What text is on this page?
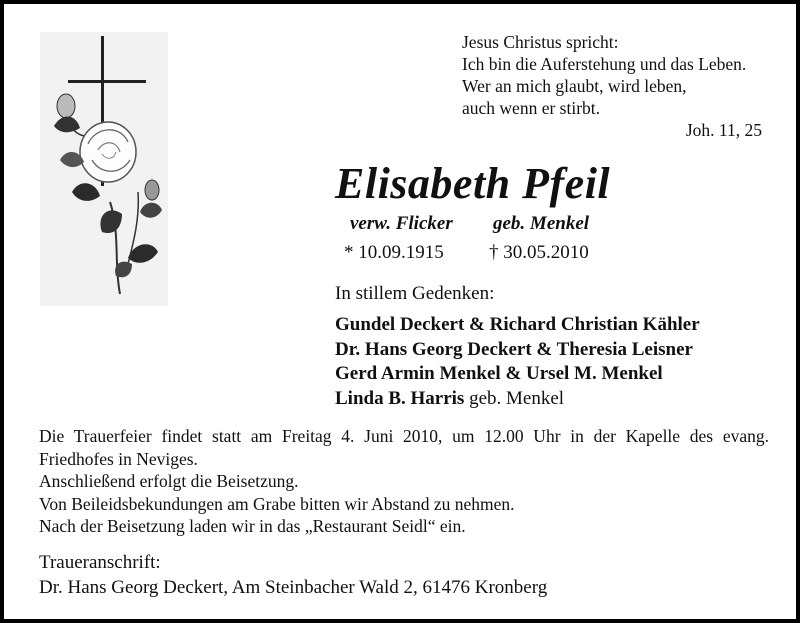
Jesus Christus spricht:
Ich bin die Auferstehung und das Leben.
Wer an mich glaubt, wird leben,
auch wenn er stirbt.
Joh. 11, 25
Elisabeth Pfeil
verw. Flicker geb. Menkel
* 10.09.1915 † 30.05.2010
In stillem Gedenken:
Gundel Deckert & Richard Christian Kähler
Dr. Hans Georg Deckert & Theresia Leisner
Gerd Armin Menkel & Ursel M. Menkel
Linda B. Harris geb. Menkel
Die Trauerfeier findet statt am Freitag 4. Juni 2010, um 12.00 Uhr in der Kapelle des evang.
Friedhofes in Neviges.
Anschließend erfolgt die Beisetzung.
Von Beileidsbekundungen am Grabe bitten wir Abstand zu nehmen.
Nach der Beisetzung laden wir in das „Restaurant Seidl“ ein.
Traueranschrift:
Dr. Hans Georg Deckert, Am Steinbacher Wald 2, 61476 Kronberg
